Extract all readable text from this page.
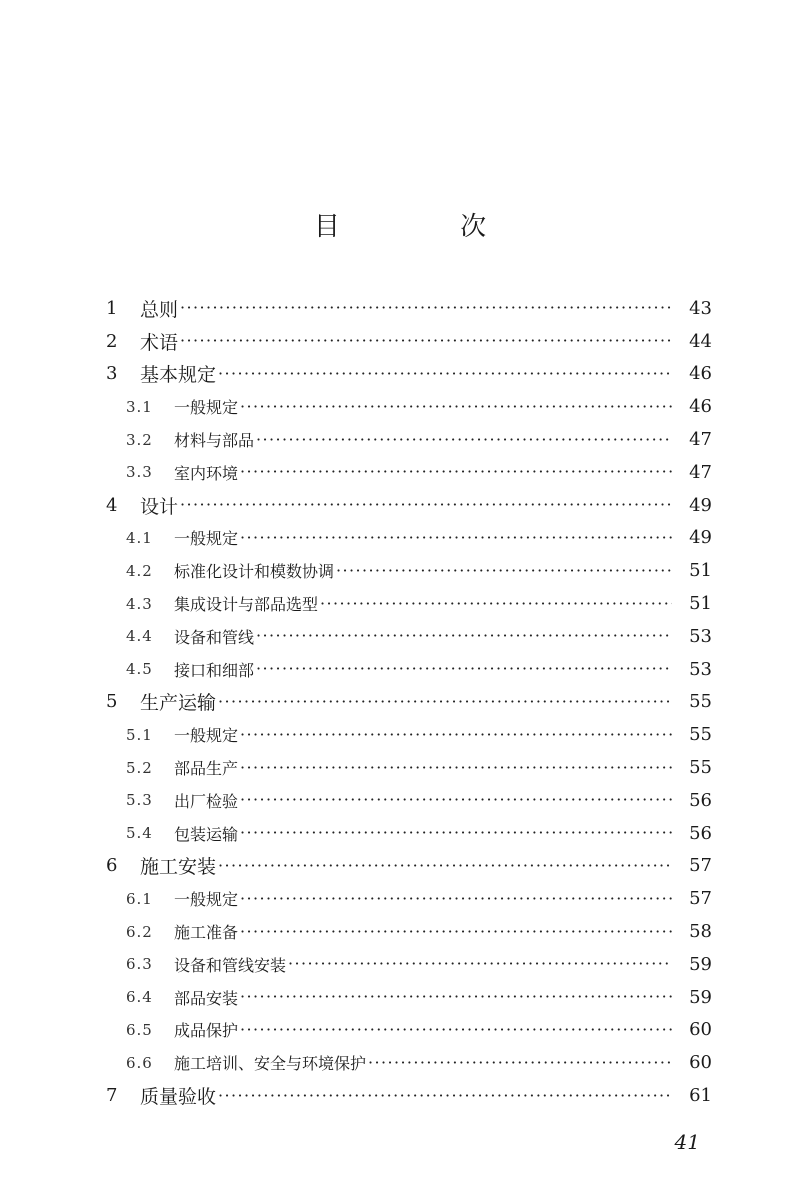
目 次
1	总则 ·····	43
2	术语 ·····	44
3	基本规定 ·····	46
3.1	一般规定 ·····	46
3.2	材料与部品 ·····	47
3.3	室内环境 ·····	47
4	设计 ·····	49
4.1	一般规定 ·····	49
4.2	标准化设计和模数协调 ·····	51
4.3	集成设计与部品选型 ·····	51
4.4	设备和管线 ·····	53
4.5	接口和细部 ·····	53
5	生产运输 ·····	55
5.1	一般规定 ·····	55
5.2	部品生产 ·····	55
5.3	出厂检验 ·····	56
5.4	包装运输 ·····	56
6	施工安装 ·····	57
6.1	一般规定 ·····	57
6.2	施工准备 ·····	58
6.3	设备和管线安装 ·····	59
6.4	部品安装 ·····	59
6.5	成品保护 ·····	60
6.6	施工培训、安全与环境保护 ·····	60
7	质量验收 ·····	61
41
